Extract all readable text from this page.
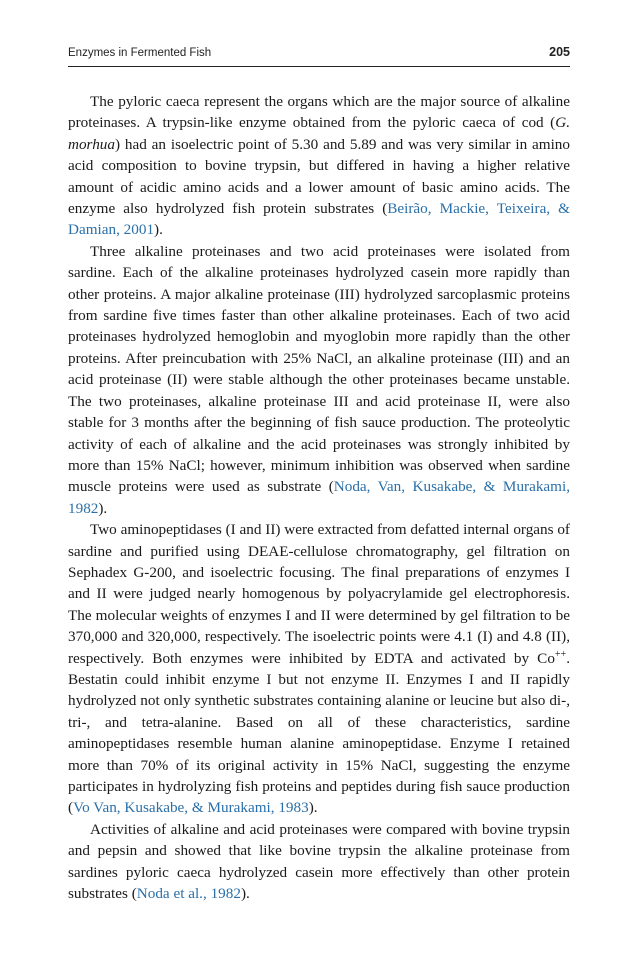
Enzymes in Fermented Fish	205

The pyloric caeca represent the organs which are the major source of alkaline proteinases. A trypsin-like enzyme obtained from the pyloric caeca of cod (G. morhua) had an isoelectric point of 5.30 and 5.89 and was very similar in amino acid composition to bovine trypsin, but differed in having a higher relative amount of acidic amino acids and a lower amount of basic amino acids. The enzyme also hydrolyzed fish protein substrates (Beirão, Mackie, Teixeira, & Damian, 2001).

Three alkaline proteinases and two acid proteinases were isolated from sardine. Each of the alkaline proteinases hydrolyzed casein more rapidly than other proteins. A major alkaline proteinase (III) hydrolyzed sarcoplasmic proteins from sardine five times faster than other alkaline proteinases. Each of two acid proteinases hydrolyzed hemoglobin and myoglobin more rapidly than the other proteins. After preincubation with 25% NaCl, an alkaline proteinase (III) and an acid proteinase (II) were stable although the other proteinases became unstable. The two proteinases, alkaline proteinase III and acid proteinase II, were also stable for 3 months after the beginning of fish sauce production. The proteolytic activity of each of alkaline and the acid proteinases was strongly inhibited by more than 15% NaCl; however, minimum inhibition was observed when sardine muscle proteins were used as substrate (Noda, Van, Kusakabe, & Murakami, 1982).

Two aminopeptidases (I and II) were extracted from defatted internal organs of sardine and purified using DEAE-cellulose chromatography, gel filtration on Sephadex G-200, and isoelectric focusing. The final preparations of enzymes I and II were judged nearly homogenous by polyacrylamide gel electrophoresis. The molecular weights of enzymes I and II were determined by gel filtration to be 370,000 and 320,000, respectively. The isoelectric points were 4.1 (I) and 4.8 (II), respectively. Both enzymes were inhibited by EDTA and activated by Co++. Bestatin could inhibit enzyme I but not enzyme II. Enzymes I and II rapidly hydrolyzed not only synthetic substrates containing alanine or leucine but also di-, tri-, and tetra-alanine. Based on all of these characteristics, sardine aminopeptidases resemble human alanine aminopeptidase. Enzyme I retained more than 70% of its original activity in 15% NaCl, suggesting the enzyme participates in hydrolyzing fish proteins and peptides during fish sauce production (Vo Van, Kusakabe, & Murakami, 1983).

Activities of alkaline and acid proteinases were compared with bovine trypsin and pepsin and showed that like bovine trypsin the alkaline proteinase from sardines pyloric caeca hydrolyzed casein more effectively than other protein substrates (Noda et al., 1982).
